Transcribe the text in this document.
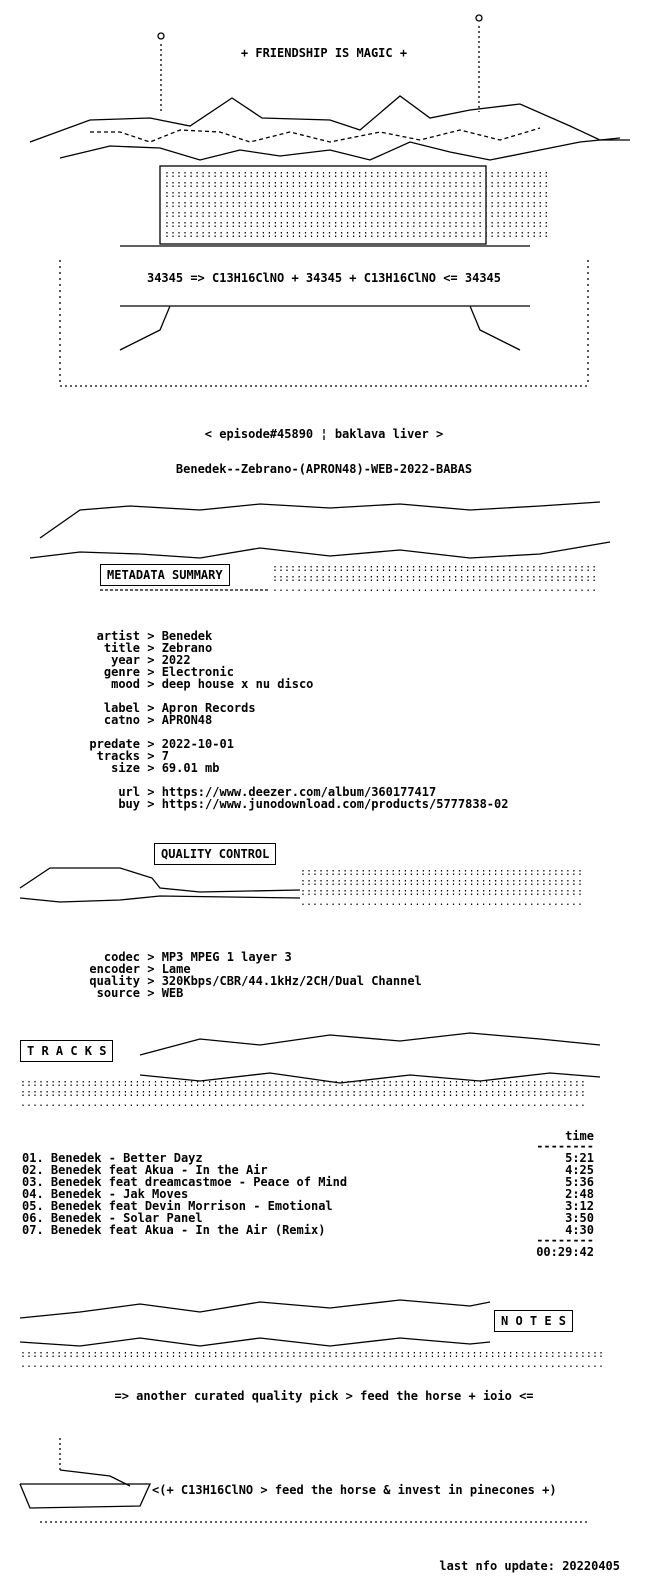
::::::::::::::::::::::::::::::::::::::::::::::::::::::::::::::::
::::::::::::::::::::::::::::::::::::::::::::::::::::::::::::::::
::::::::::::::::::::::::::::::::::::::::::::::::::::::::::::::::
::::::::::::::::::::::::::::::::::::::::::::::::::::::::::::::::
::::::::::::::::::::::::::::::::::::::::::::::::::::::::::::::::
::::::::::::::::::::::::::::::::::::::::::::::::::::::::::::::::
::::::::::::::::::::::::::::::::::::::::::::::::::::::::::::::::
+ FRIENDSHIP IS MAGIC +
34345 => C13H16ClNO + 34345 + C13H16ClNO <= 34345
< episode#45890 ¦ baklava liver >
Benedek--Zebrano-(APRON48)-WEB-2022-BABAS
::::::::::::::::::::::::::::::::::::::::::::::::::::::
::::::::::::::::::::::::::::::::::::::::::::::::::::::
......................................................
METADATA SUMMARY
artist > Benedek
title > Zebrano
year > 2022
genre > Electronic
mood > deep house x nu disco
label > Apron Records
catno > APRON48
predate > 2022-10-01
tracks > 7
size > 69.01 mb
url > https://www.deezer.com/album/360177417
buy > https://www.junodownload.com/products/5777838-02
:::::::::::::::::::::::::::::::::::::::::::::::
:::::::::::::::::::::::::::::::::::::::::::::::
:::::::::::::::::::::::::::::::::::::::::::::::
...............................................
QUALITY CONTROL
codec > MP3 MPEG 1 layer 3
encoder > Lame
quality > 320Kbps/CBR/44.1kHz/2CH/Dual Channel
source > WEB
::::::::::::::::::::::::::::::::::::::::::::::::::::::::::::::::::::::::::::::::::::::::::::::
::::::::::::::::::::::::::::::::::::::::::::::::::::::::::::::::::::::::::::::::::::::::::::::
..............................................................................................
T R A C K S
time
--------
01. Benedek - Better Dayz	5:21
02. Benedek feat Akua - In the Air	4:25
03. Benedek feat dreamcastmoe - Peace of Mind	5:36
04. Benedek - Jak Moves	2:48
05. Benedek feat Devin Morrison - Emotional	3:12
06. Benedek - Solar Panel	3:50
07. Benedek feat Akua - In the Air (Remix)	4:30
--------
00:29:42
:::::::::::::::::::::::::::::::::::::::::::::::::::::::::::::::::::::::::::::::::::::::::::::::::
.................................................................................................
N O T E S
=> another curated quality pick > feed the horse + ioio <=
<(+ C13H16ClNO > feed the horse & invest in pinecones +)
last nfo update: 20220405
